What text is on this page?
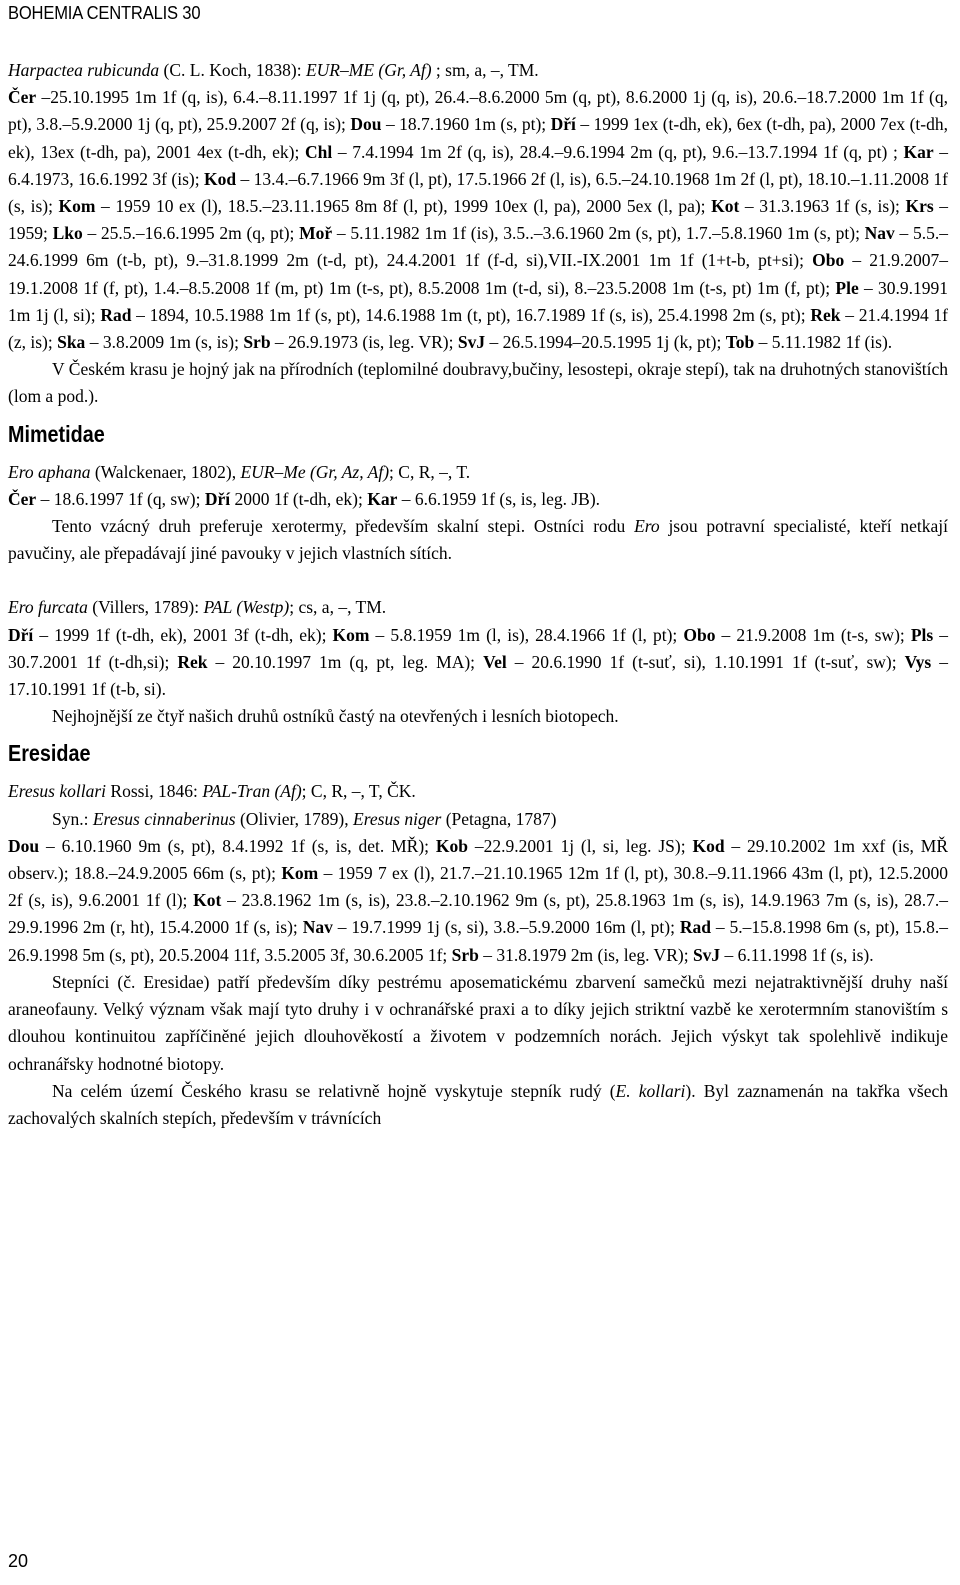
BOHEMIA CENTRALIS 30

Harpactea rubicunda (C. L. Koch, 1838): EUR–ME (Gr, Af) ; sm, a, –, TM.

Čer –25.10.1995 1m 1f (q, is), 6.4.–8.11.1997 1f 1j (q, pt), 26.4.–8.6.2000 5m (q, pt), 8.6.2000 1j (q, is), 20.6.–18.7.2000 1m 1f (q, pt), 3.8.–5.9.2000 1j (q, pt), 25.9.2007 2f (q, is); Dou – 18.7.1960 1m (s, pt); Dří – 1999 1ex (t-dh, ek), 6ex (t-dh, pa), 2000 7ex (t-dh, ek), 13ex (t-dh, pa), 2001 4ex (t-dh, ek); Chl – 7.4.1994 1m 2f (q, is), 28.4.–9.6.1994 2m (q, pt), 9.6.–13.7.1994 1f (q, pt) ; Kar – 6.4.1973, 16.6.1992 3f (is); Kod – 13.4.–6.7.1966 9m 3f (l, pt), 17.5.1966 2f (l, is), 6.5.–24.10.1968 1m 2f (l, pt), 18.10.–1.11.2008 1f (s, is); Kom – 1959 10 ex (l), 18.5.–23.11.1965 8m 8f (l, pt), 1999 10ex (l, pa), 2000 5ex (l, pa); Kot – 31.3.1963 1f (s, is); Krs – 1959; Lko – 25.5.–16.6.1995 2m (q, pt); Moř – 5.11.1982 1m 1f (is), 3.5..–3.6.1960 2m (s, pt), 1.7.–5.8.1960 1m (s, pt); Nav – 5.5.–24.6.1999 6m (t-b, pt), 9.–31.8.1999 2m (t-d, pt), 24.4.2001 1f (f-d, si),VII.-IX.2001 1m 1f (1+t-b, pt+si); Obo – 21.9.2007–19.1.2008 1f (f, pt), 1.4.–8.5.2008 1f (m, pt) 1m (t-s, pt), 8.5.2008 1m (t-d, si), 8.–23.5.2008 1m (t-s, pt) 1m (f, pt); Ple – 30.9.1991 1m 1j (l, si); Rad – 1894, 10.5.1988 1m 1f (s, pt), 14.6.1988 1m (t, pt), 16.7.1989 1f (s, is), 25.4.1998 2m (s, pt); Rek – 21.4.1994 1f (z, is); Ska – 3.8.2009 1m (s, is); Srb – 26.9.1973 (is, leg. VR); SvJ – 26.5.1994–20.5.1995 1j (k, pt); Tob – 5.11.1982 1f (is).

V Českém krasu je hojný jak na přírodních (teplomilné doubravy,bučiny, lesostepi, okraje stepí), tak na druhotných stanovištích (lom a pod.).

Mimetidae

Ero aphana (Walckenaer, 1802), EUR–Me (Gr, Az, Af); C, R, –, T.

Čer – 18.6.1997 1f (q, sw); Dří 2000 1f (t-dh, ek); Kar – 6.6.1959 1f (s, is, leg. JB).

Tento vzácný druh preferuje xerotermy, především skalní stepi. Ostníci rodu Ero jsou potravní specialisté, kteří netkají pavučiny, ale přepadávají jiné pavouky v jejich vlastních sítích.

Ero furcata (Villers, 1789): PAL (Westp); cs, a, –, TM.

Dří – 1999 1f (t-dh, ek), 2001 3f (t-dh, ek); Kom – 5.8.1959 1m (l, is), 28.4.1966 1f (l, pt); Obo – 21.9.2008 1m (t-s, sw); Pls – 30.7.2001 1f (t-dh,si); Rek – 20.10.1997 1m (q, pt, leg. MA); Vel – 20.6.1990 1f (t-suť, si), 1.10.1991 1f (t-suť, sw); Vys – 17.10.1991 1f (t-b, si).

Nejhojnější ze čtyř našich druhů ostníků častý na otevřených i lesních biotopech.

Eresidae

Eresus kollari Rossi, 1846: PAL-Tran (Af); C, R, –, T, ČK.

Syn.: Eresus cinnaberinus (Olivier, 1789), Eresus niger (Petagna, 1787)

Dou – 6.10.1960 9m (s, pt), 8.4.1992 1f (s, is, det. MŘ); Kob –22.9.2001 1j (l, si, leg. JS); Kod – 29.10.2002 1m xxf (is, MŘ observ.); 18.8.–24.9.2005 66m (s, pt); Kom – 1959 7 ex (l), 21.7.–21.10.1965 12m 1f (l, pt), 30.8.–9.11.1966 43m (l, pt), 12.5.2000 2f (s, is), 9.6.2001 1f (l); Kot – 23.8.1962 1m (s, is), 23.8.–2.10.1962 9m (s, pt), 25.8.1963 1m (s, is), 14.9.1963 7m (s, is), 28.7.–29.9.1996 2m (r, ht), 15.4.2000 1f (s, is); Nav – 19.7.1999 1j (s, si), 3.8.–5.9.2000 16m (l, pt); Rad – 5.–15.8.1998 6m (s, pt), 15.8.–26.9.1998 5m (s, pt), 20.5.2004 11f, 3.5.2005 3f, 30.6.2005 1f; Srb – 31.8.1979 2m (is, leg. VR); SvJ – 6.11.1998 1f (s, is).

Stepníci (č. Eresidae) patří především díky pestrému aposematickému zbarvení samečků mezi nejatraktivnější druhy naší araneofauny. Velký význam však mají tyto druhy i v ochranářské praxi a to díky jejich striktní vazbě ke xerotermním stanovištím s dlouhou kontinuitou zapříčiněné jejich dlouhověkostí a životem v podzemních norách. Jejich výskyt tak spolehlivě indikuje ochranářsky hodnotné biotopy.

Na celém území Českého krasu se relativně hojně vyskytuje stepník rudý (E. kollari). Byl zaznamenán na takřka všech zachovalých skalních stepích, především v trávnících

20
